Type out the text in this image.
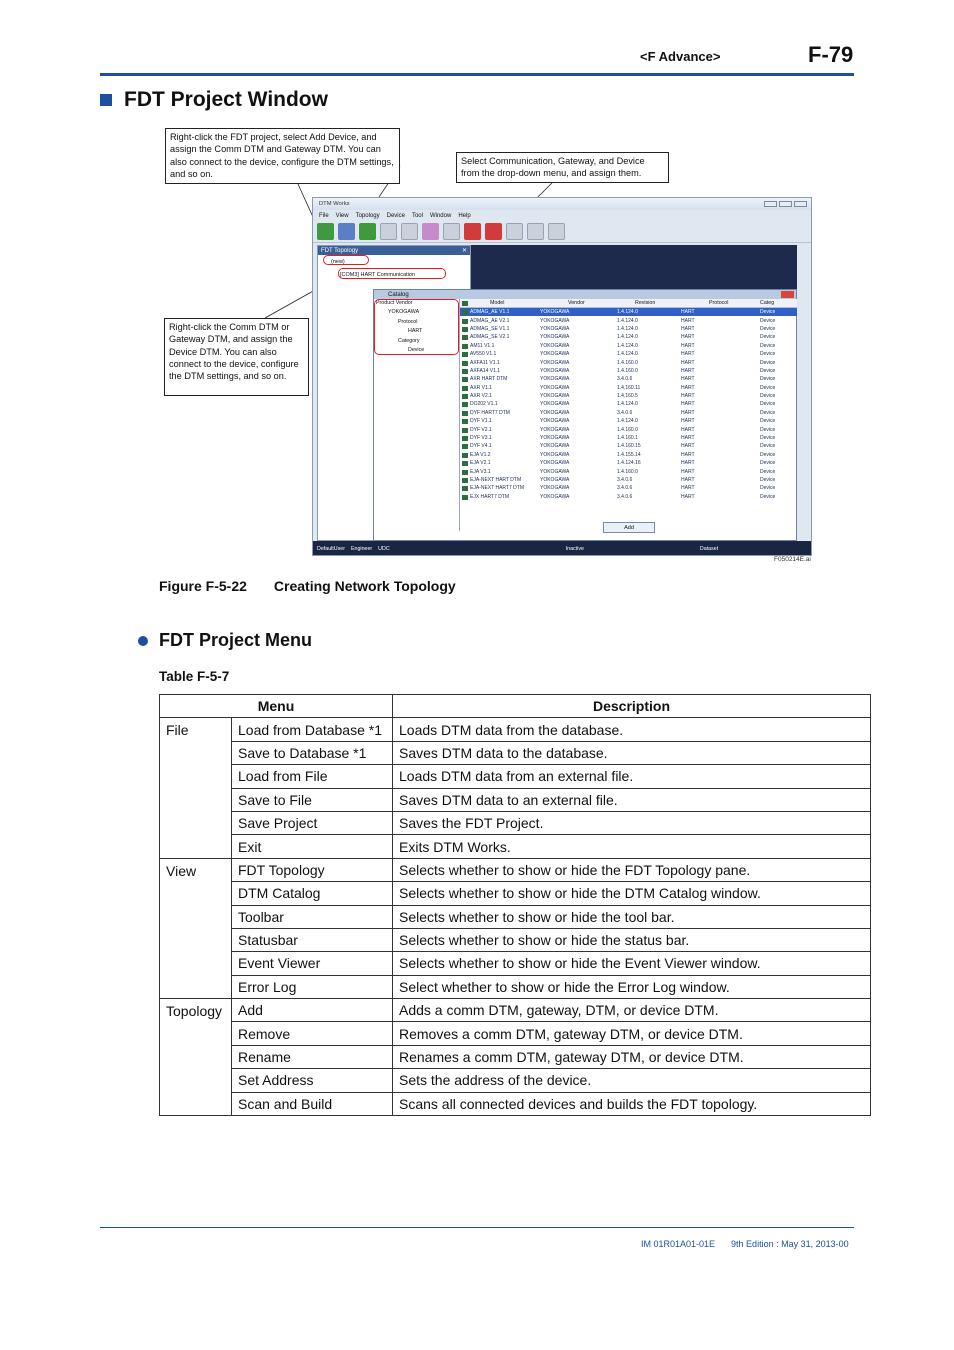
<F Advance>	F-79
FDT Project Window
Right-click the FDT project, select Add Device, and assign the Comm DTM and Gateway DTM. You can also connect to the device, configure the DTM settings, and so on.
Select Communication, Gateway, and Device from the drop-down menu, and assign them.
Right-click the Comm DTM or Gateway DTM, and assign the Device DTM. You can also connect to the device, configure the DTM settings, and so on.
DTM Works
File View Topology Device Tool Window Help
FDT Topology	✕
(new)
[COM3] HART Communication
Catalog
Product Vendor
YOKOGAWA
Protocol
HART
Category
Device
Model	Vendor	Revision	Protocol	Categ
ADMAG_AE V1.1	YOKOGAWA	1.4.124.0	HART	Device
ADMAG_AE V2.1	YOKOGAWA	1.4.124.0	HART	Device
ADMAG_SE V1.1	YOKOGAWA	1.4.124.0	HART	Device
ADMAG_SE V2.1	YOKOGAWA	1.4.124.0	HART	Device
AM11 V1.1	YOKOGAWA	1.4.124.0	HART	Device
AV550 V1.1	YOKOGAWA	1.4.124.0	HART	Device
AXFA11 V1.1	YOKOGAWA	1.4.160.0	HART	Device
AXFA14 V1.1	YOKOGAWA	1.4.160.0	HART	Device
AXR HART DTM	YOKOGAWA	3.4.0.6	HART	Device
AXR V1.1	YOKOGAWA	1.4.160.11	HART	Device
AXR V2.1	YOKOGAWA	1.4.160.5	HART	Device
DO202 V1.1	YOKOGAWA	1.4.124.0	HART	Device
DYF HART7 DTM	YOKOGAWA	3.4.0.6	HART	Device
DYF V1.1	YOKOGAWA	1.4.124.0	HART	Device
DYF V2.1	YOKOGAWA	1.4.160.0	HART	Device
DYF V3.1	YOKOGAWA	1.4.160.1	HART	Device
DYF V4.1	YOKOGAWA	1.4.160.15	HART	Device
EJA V1.2	YOKOGAWA	1.4.155.14	HART	Device
EJA V2.1	YOKOGAWA	1.4.124.16	HART	Device
EJA V3.1	YOKOGAWA	1.4.160.0	HART	Device
EJA-NEXT HART DTM	YOKOGAWA	3.4.0.6	HART	Device
EJA-NEXT HART7 DTM	YOKOGAWA	3.4.0.6	HART	Device
EJX HART7 DTM	YOKOGAWA	3.4.0.6	HART	Device
Add
DefaultUser Engineer UDC	Inactive	Dataset
F050214E.ai
Figure F-5-22 Creating Network Topology
FDT Project Menu
Table F-5-7
Menu		Description
File	Load from Database *1	Loads DTM data from the database.
	Save to Database *1	Saves DTM data to the database.
	Load from File	Loads DTM data from an external file.
	Save to File	Saves DTM data to an external file.
	Save Project	Saves the FDT Project.
	Exit	Exits DTM Works.
View	FDT Topology	Selects whether to show or hide the FDT Topology pane.
	DTM Catalog	Selects whether to show or hide the DTM Catalog window.
	Toolbar	Selects whether to show or hide the tool bar.
	Statusbar	Selects whether to show or hide the status bar.
	Event Viewer	Selects whether to show or hide the Event Viewer window.
	Error Log	Select whether to show or hide the Error Log window.
Topology	Add	Adds a comm DTM, gateway, DTM, or device DTM.
	Remove	Removes a comm DTM, gateway DTM, or device DTM.
	Rename	Renames a comm DTM, gateway DTM, or device DTM.
	Set Address	Sets the address of the device.
	Scan and Build	Scans all connected devices and builds the FDT topology.
IM 01R01A01-01E 9th Edition : May 31, 2013-00
